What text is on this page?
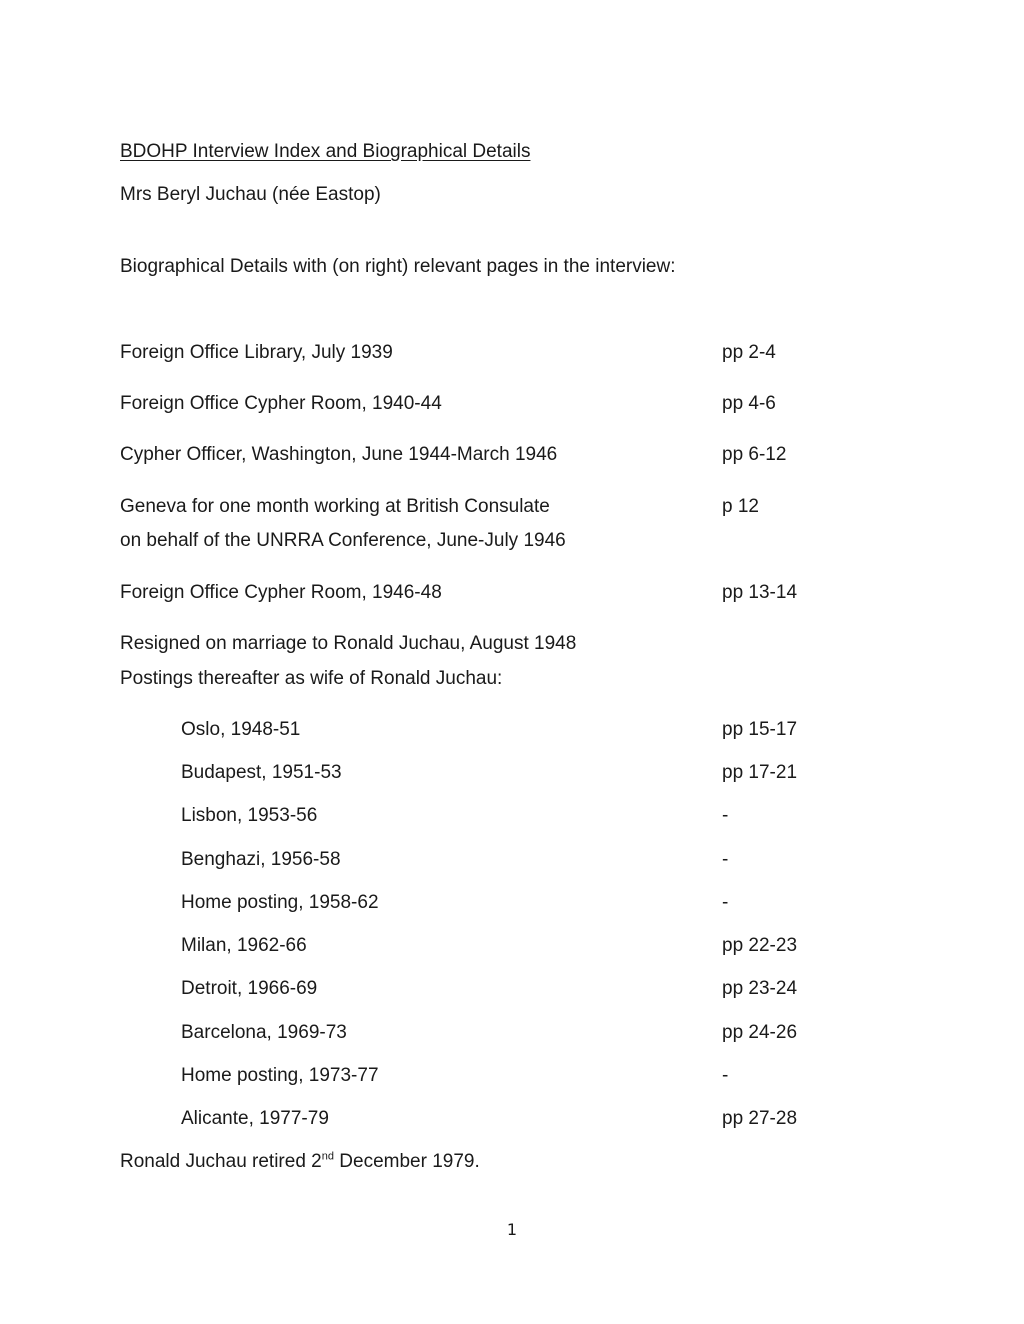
BDOHP Interview Index and Biographical Details
Mrs Beryl Juchau (née Eastop)
Biographical Details with (on right) relevant pages in the interview:
Foreign Office Library, July 1939	pp 2-4
Foreign Office Cypher Room, 1940-44	pp 4-6
Cypher Officer, Washington, June 1944-March 1946	pp 6-12
Geneva for one month working at British Consulate	p 12
on behalf of the UNRRA Conference, June-July 1946
Foreign Office Cypher Room, 1946-48	pp 13-14
Resigned on marriage to Ronald Juchau, August 1948
Postings thereafter as wife of Ronald Juchau:
Oslo, 1948-51	pp 15-17
Budapest, 1951-53	pp 17-21
Lisbon, 1953-56	-
Benghazi, 1956-58	-
Home posting, 1958-62	-
Milan, 1962-66	pp 22-23
Detroit, 1966-69	pp 23-24
Barcelona, 1969-73	pp 24-26
Home posting, 1973-77	-
Alicante, 1977-79	pp 27-28
Ronald Juchau retired 2nd December 1979.
1
